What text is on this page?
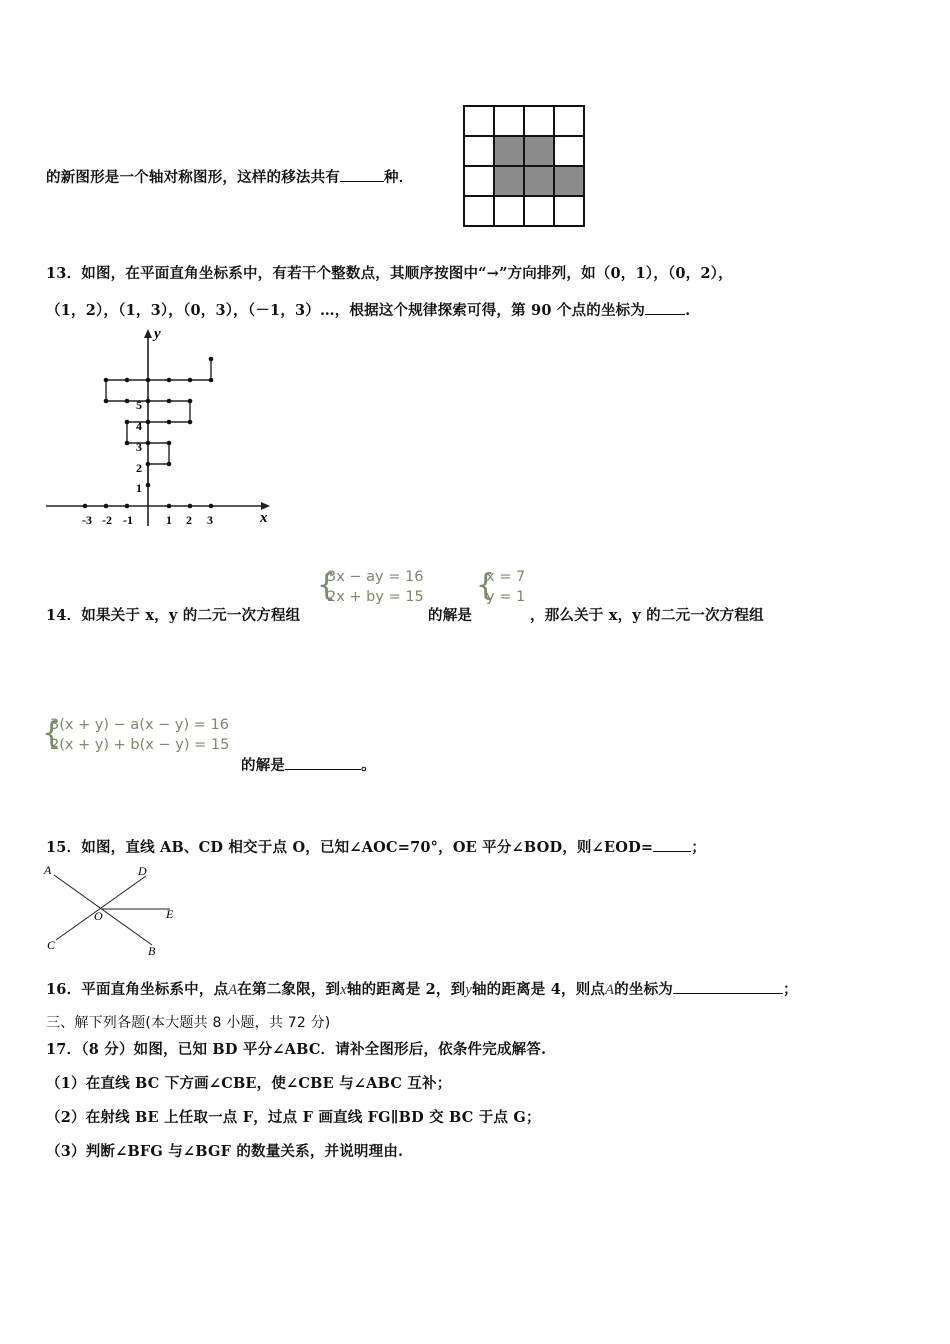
的新图形是一个轴对称图形，这样的移法共有	种．
13．如图，在平面直角坐标系中，有若干个整数点，其顺序按图中“→”方向排列，如（0，1），（0，2），
（1，2），（1，3），（0，3），（－1，3）…，根据这个规律探索可得，第 90 个点的坐标为	.
x
y
-3 -2 -1	1 2 3
1
2
3
4
5
14．如果关于 x，y 的二元一次方程组
{
3x − ay = 16
2x + by = 15
的解是
{
x = 7
y = 1
，那么关于 x，y 的二元一次方程组
{
3(x + y) − a(x − y) = 16
2(x + y) + b(x − y) = 15
的解是	。
15．如图，直线 AB、CD 相交于点 O，已知∠AOC=70°，OE 平分∠BOD，则∠EOD=	；
A	D
O	E
C	B
16．平面直角坐标系中，点A在第二象限，到x轴的距离是 2，到y轴的距离是 4，则点A的坐标为	；
三、解下列各题(本大题共 8 小题，共 72 分)
17．（8 分）如图，已知 BD 平分∠ABC．请补全图形后，依条件完成解答.
（1）在直线 BC 下方画∠CBE，使∠CBE 与∠ABC 互补；
（2）在射线 BE 上任取一点 F，过点 F 画直线 FG∥BD 交 BC 于点 G；
（3）判断∠BFG 与∠BGF 的数量关系，并说明理由.
